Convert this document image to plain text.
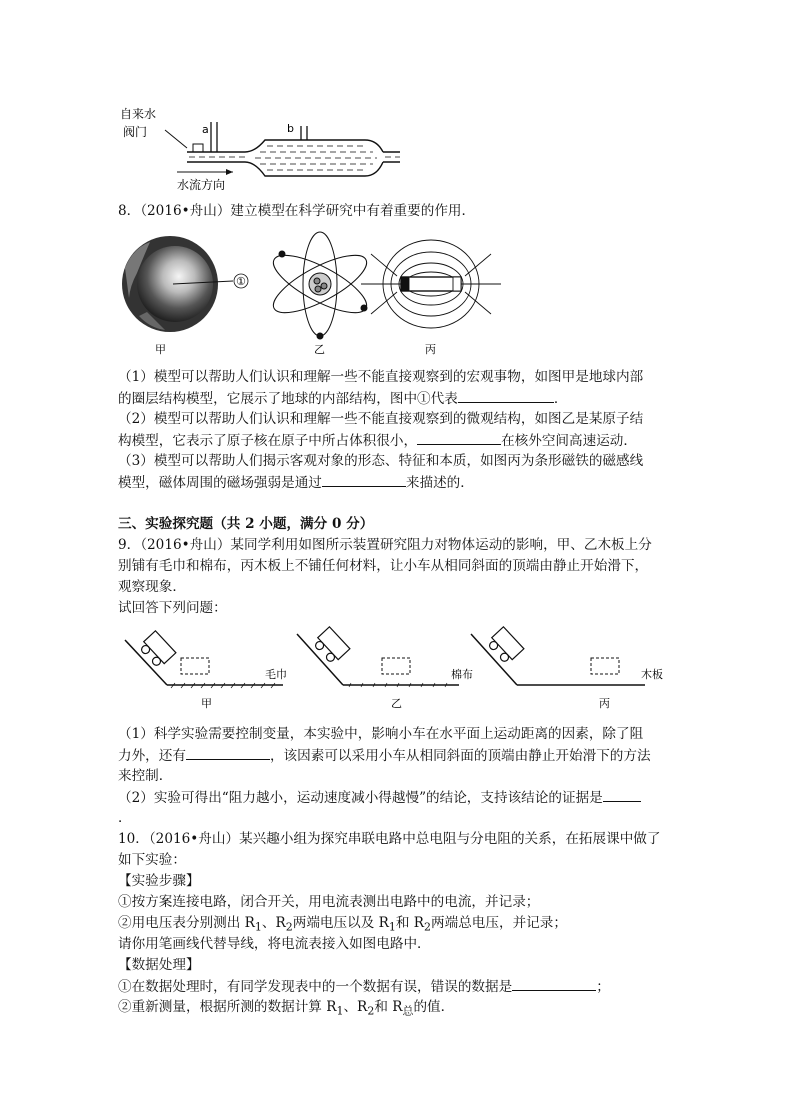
自来水
阀门	a	b
水流方向
8．（2016•舟山）建立模型在科学研究中有着重要的作用．
①
甲	乙	丙
（1）模型可以帮助人们认识和理解一些不能直接观察到的宏观事物，如图甲是地球内部
的圈层结构模型，它展示了地球的内部结构，图中①代表	．
（2）模型可以帮助人们认识和理解一些不能直接观察到的微观结构，如图乙是某原子结
构模型，它表示了原子核在原子中所占体积很小，	在核外空间高速运动．
（3）模型可以帮助人们揭示客观对象的形态、特征和本质，如图丙为条形磁铁的磁感线
模型，磁体周围的磁场强弱是通过	来描述的．
三、实验探究题（共 2 小题，满分 0 分）
9．（2016•舟山）某同学利用如图所示装置研究阻力对物体运动的影响，甲、乙木板上分
别铺有毛巾和棉布，丙木板上不铺任何材料，让小车从相同斜面的顶端由静止开始滑下，
观察现象．
试回答下列问题：
毛巾
甲
棉布
乙
木板
丙
（1）科学实验需要控制变量，本实验中，影响小车在水平面上运动距离的因素，除了阻
力外，还有	，该因素可以采用小车从相同斜面的顶端由静止开始滑下的方法
来控制．
（2）实验可得出“阻力越小，运动速度减小得越慢”的结论，支持该结论的证据是
．
10．（2016•舟山）某兴趣小组为探究串联电路中总电阻与分电阻的关系，在拓展课中做了
如下实验：
【实验步骤】
①按方案连接电路，闭合开关，用电流表测出电路中的电流，并记录；
②用电压表分别测出 $R_1$、$R_2$两端电压以及 $R_1$和 $R_2$两端总电压，并记录；
请你用笔画线代替导线，将电流表接入如图电路中．
【数据处理】
①在数据处理时，有同学发现表中的一个数据有误，错误的数据是	；
②重新测量，根据所测的数据计算 $R_1$、$R_2$和 $R_总$的值．
